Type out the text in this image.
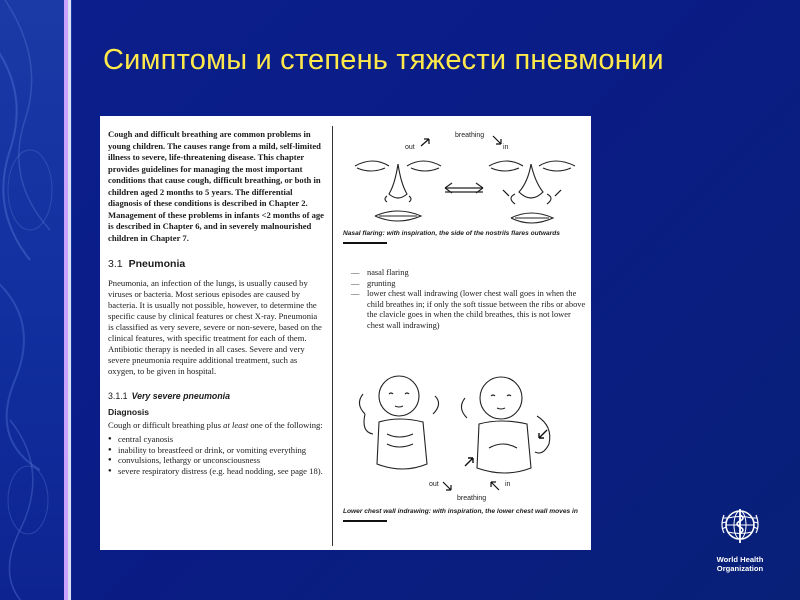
Симптомы и степень тяжести пневмонии

Cough and difficult breathing are common problems in young children. The causes range from a mild, self-limited illness to severe, life-threatening disease. This chapter provides guidelines for managing the most important conditions that cause cough, difficult breathing, or both in children aged 2 months to 5 years. The differential diagnosis of these conditions is described in Chapter 2. Management of these problems in infants <2 months of age is described in Chapter 6, and in severely malnourished children in Chapter 7.

3.1 Pneumonia

Pneumonia, an infection of the lungs, is usually caused by viruses or bacteria. Most serious episodes are caused by bacteria. It is usually not possible, however, to determine the specific cause by clinical features or chest X-ray. Pneumonia is classified as very severe, severe or non-severe, based on the clinical features, with specific treatment for each of them. Antibiotic therapy is needed in all cases. Severe and very severe pneumonia require additional treatment, such as oxygen, to be given in hospital.

3.1.1 Very severe pneumonia
Diagnosis

Cough or difficult breathing plus at least one of the following:

● central cyanosis
● inability to breastfeed or drink, or vomiting everything
● convulsions, lethargy or unconsciousness
● severe respiratory distress (e.g. head nodding, see page 18).
breathing
out	in

Nasal flaring: with inspiration, the side of the nostrils flares outwards

— nasal flaring
— grunting
— lower chest wall indrawing (lower chest wall goes in when the child breathes in; if only the soft tissue between the ribs or above the clavicle goes in when the child breathes, this is not lower chest wall indrawing)
out	in
breathing

Lower chest wall indrawing: with inspiration, the lower chest wall moves in

World Health
Organization
